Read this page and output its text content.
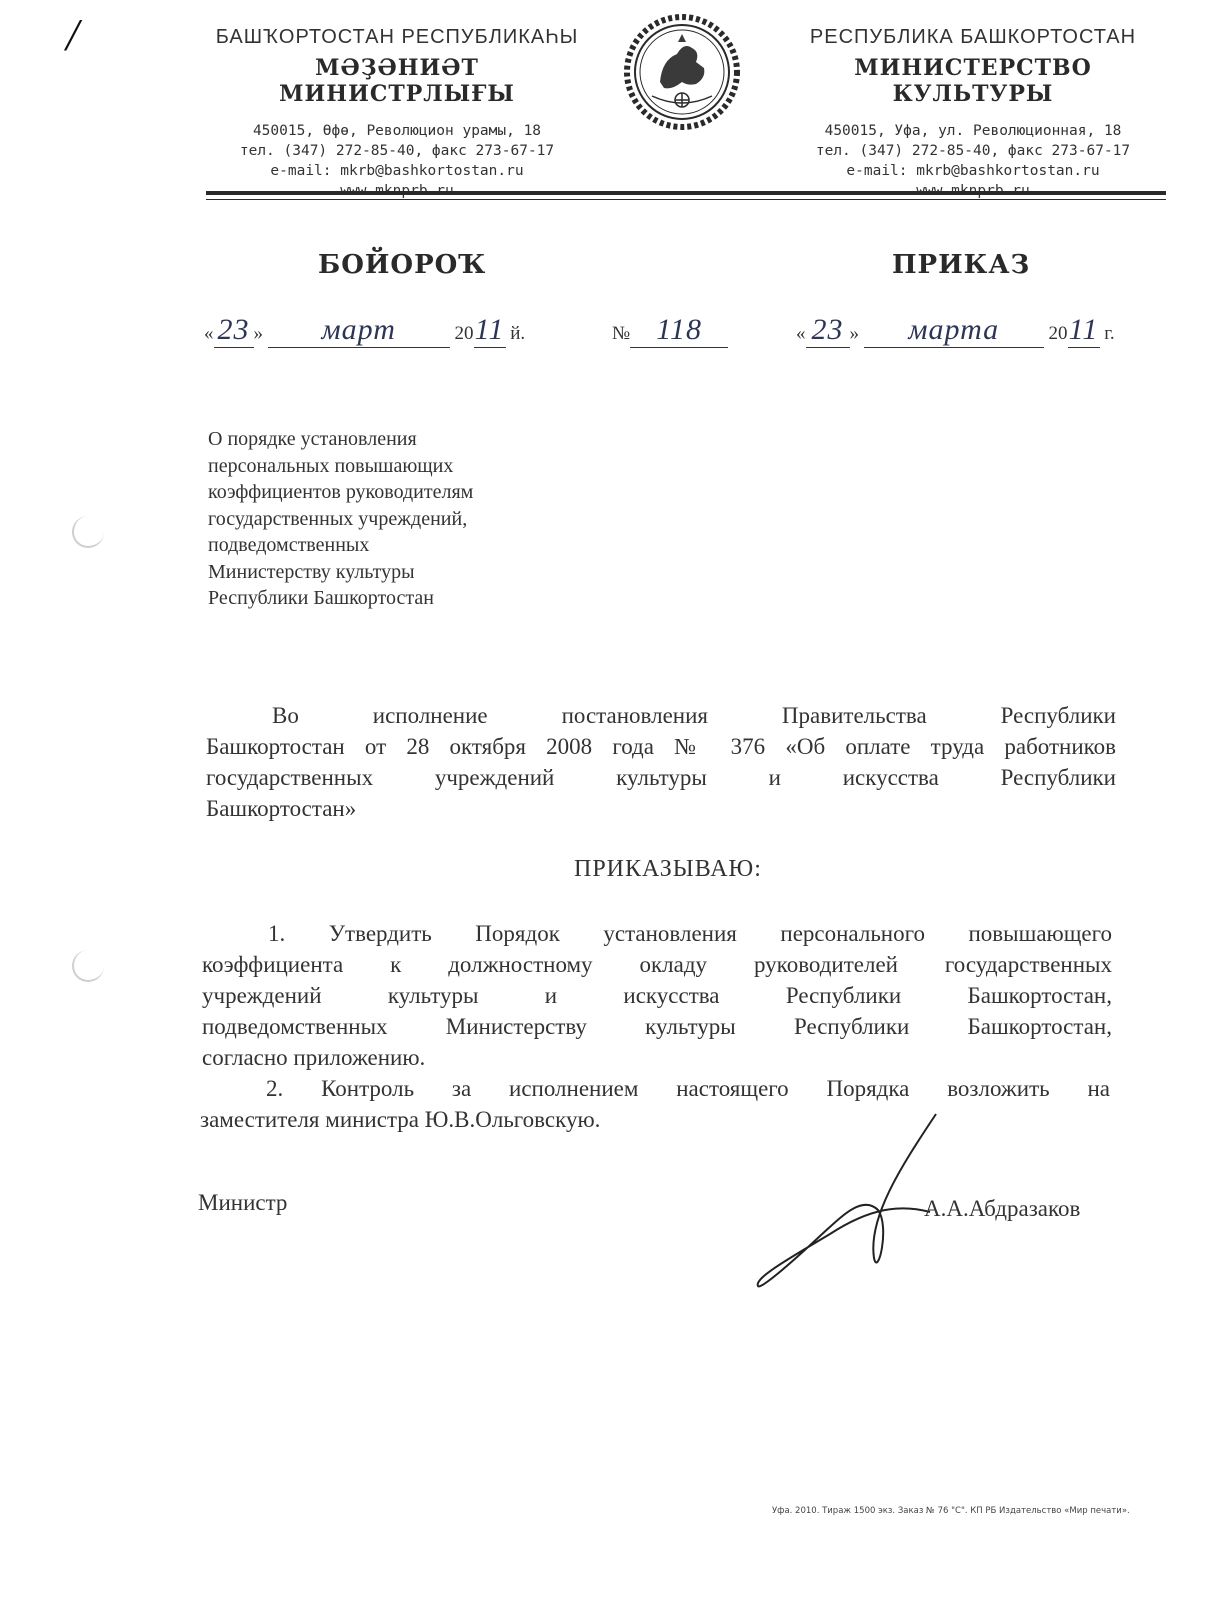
/	БАШҠОРТОСТАН РЕСПУБЛИКАҺЫ
МӘҘӘНИӘТ МИНИСТРЛЫҒЫ
450015, Өфө, Революцион урамы, 18
тел. (347) 272-85-40, факс 273-67-17
e-mail: mkrb@bashkortostan.ru
РЕСПУБЛИКА БАШКОРТОСТАН
МИНИСТЕРСТВО КУЛЬТУРЫ
450015, Уфа, ул. Революционная, 18
тел. (347) 272-85-40, факс 273-67-17
e-mail: mkrb@bashkortostan.ru
БОЙОРОҠ	ПРИКАЗ
« 23 » март	2011 й.	№ 118	« 23 » марта	2011 г.
О порядке установления
персональных повышающих
коэффициентов руководителям
государственных учреждений,
подведомственных
Министерству культуры
Республики Башкортостан
Во    исполнение    постановления    Правительства    Республики
Башкортостан от 28 октября 2008 года № 376 «Об оплате труда работников
государственных    учреждений    культуры    и    искусства    Республики
Башкортостан»
ПРИКАЗЫВАЮ:
1. Утвердить Порядок установления персонального повышающего
коэффициента к должностному окладу руководителей государственных
учреждений культуры и искусства Республики Башкортостан,
подведомственных Министерству культуры Республики Башкортостан,
согласно приложению.
2. Контроль за исполнением настоящего Порядка возложить на
заместителя министра Ю.В.Ольговскую.
Министр	А.А.Абдразаков
Уфа. 2010. Тираж 1500 экз. Заказ № 76 "С". КП РБ Издательство «Мир печати».
